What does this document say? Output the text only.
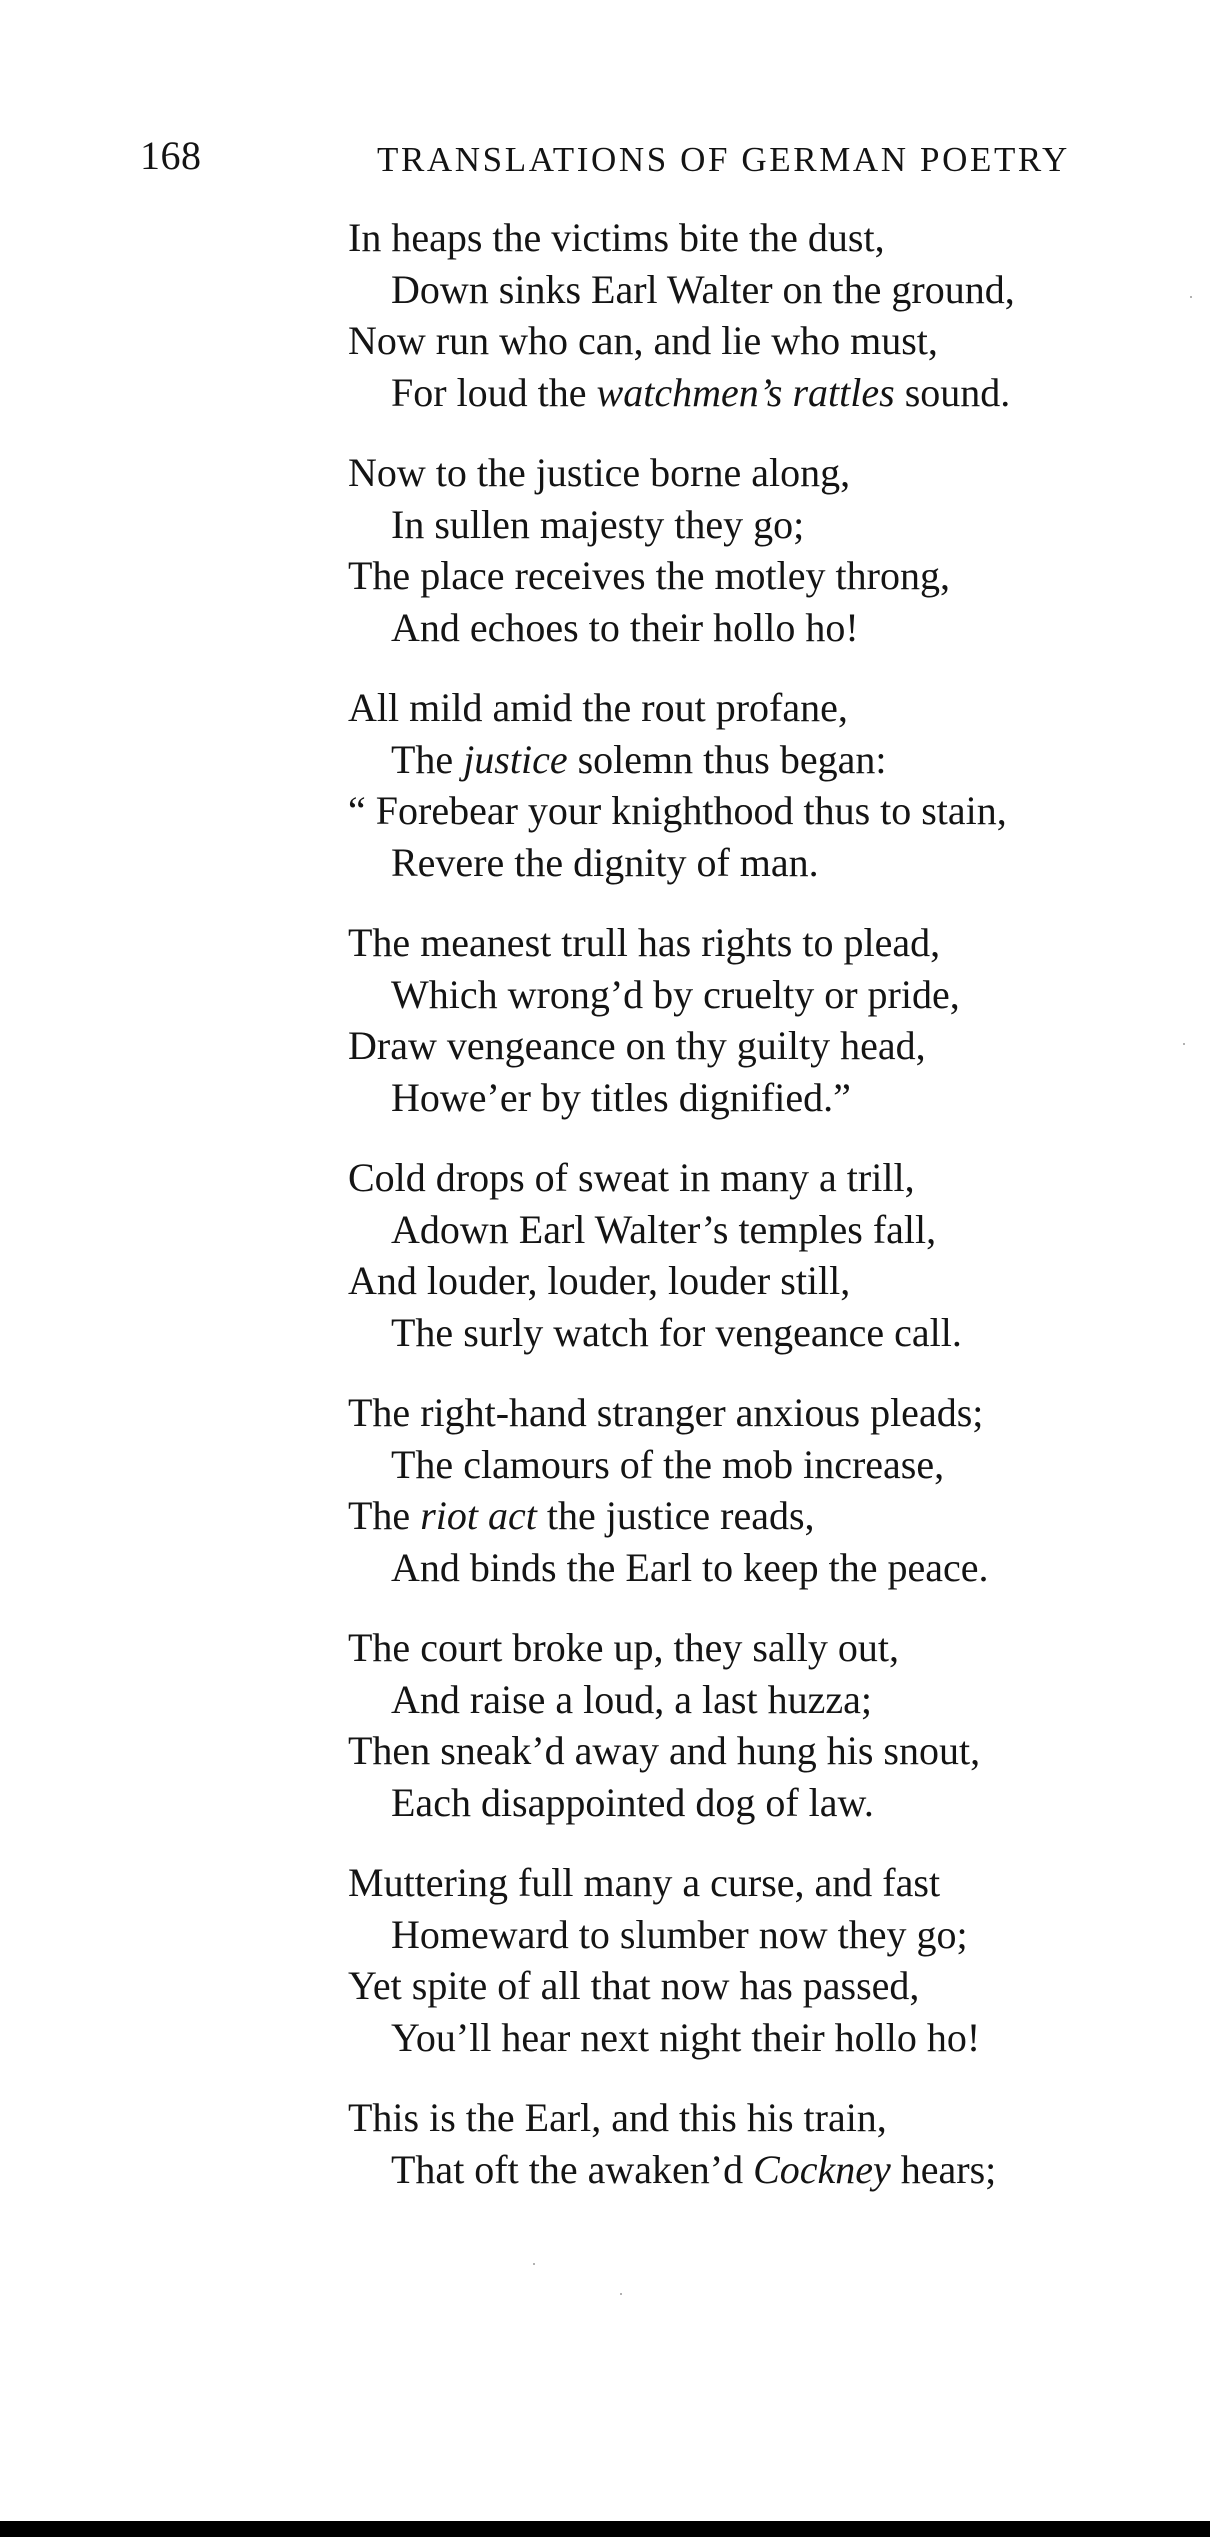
168	TRANSLATIONS OF GERMAN POETRY
In heaps the victims bite the dust,
Down sinks Earl Walter on the ground,
Now run who can, and lie who must,
For loud the watchmen’s rattles sound.
Now to the justice borne along,
In sullen majesty they go;
The place receives the motley throng,
And echoes to their hollo ho!
All mild amid the rout profane,
The justice solemn thus began:
“ Forebear your knighthood thus to stain,
Revere the dignity of man.
The meanest trull has rights to plead,
Which wrong’d by cruelty or pride,
Draw vengeance on thy guilty head,
Howe’er by titles dignified.”
Cold drops of sweat in many a trill,
Adown Earl Walter’s temples fall,
And louder, louder, louder still,
The surly watch for vengeance call.
The right-hand stranger anxious pleads;
The clamours of the mob increase,
The riot act the justice reads,
And binds the Earl to keep the peace.
The court broke up, they sally out,
And raise a loud, a last huzza;
Then sneak’d away and hung his snout,
Each disappointed dog of law.
Muttering full many a curse, and fast
Homeward to slumber now they go;
Yet spite of all that now has passed,
You’ll hear next night their hollo ho!
This is the Earl, and this his train,
That oft the awaken’d Cockney hears;
